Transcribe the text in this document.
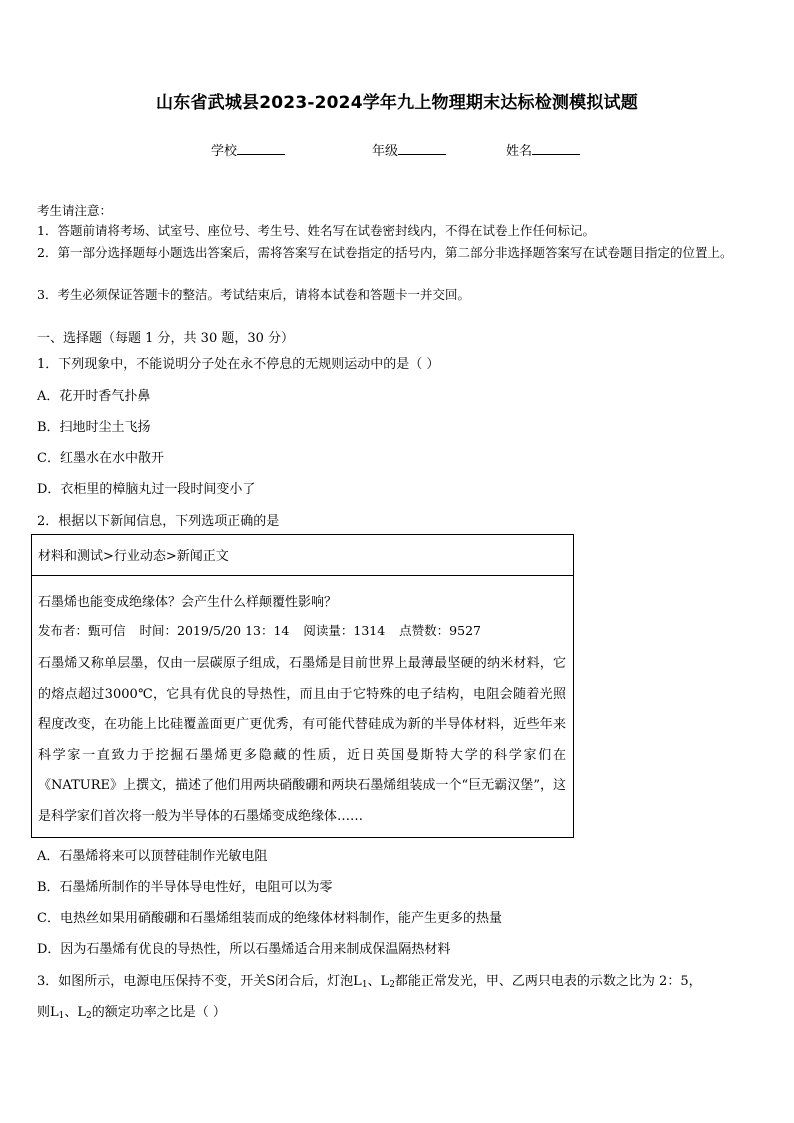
山东省武城县2023-2024学年九上物理期末达标检测模拟试题
学校	年级	姓名
考生请注意：
1．答题前请将考场、试室号、座位号、考生号、姓名写在试卷密封线内，不得在试卷上作任何标记。
2．第一部分选择题每小题选出答案后，需将答案写在试卷指定的括号内，第二部分非选择题答案写在试卷题目指定的位置上。
3．考生必须保证答题卡的整洁。考试结束后，请将本试卷和答题卡一并交回。
一、选择题（每题 1 分，共 30 题，30 分）
1．下列现象中，不能说明分子处在永不停息的无规则运动中的是（ ）
A．花开时香气扑鼻
B．扫地时尘土飞扬
C．红墨水在水中散开
D．衣柜里的樟脑丸过一段时间变小了
2．根据以下新闻信息，下列选项正确的是
材料和测试>行业动态>新闻正文
石墨烯也能变成绝缘体？会产生什么样颠覆性影响？
发布者：甄可信 时间：2019/5/20 13：14 阅读量：1314 点赞数：9527
石墨烯又称单层墨，仅由一层碳原子组成，石墨烯是目前世界上最薄最坚硬的纳米材料，它的熔点超过3000℃，它具有优良的导热性，而且由于它特殊的电子结构，电阻会随着光照程度改变，在功能上比硅覆盖面更广更优秀，有可能代替硅成为新的半导体材料，近些年来科学家一直致力于挖掘石墨烯更多隐藏的性质，近日英国曼斯特大学的科学家们在《NATURE》上撰文，描述了他们用两块硝酸硼和两块石墨烯组装成一个“巨无霸汉堡”，这是科学家们首次将一般为半导体的石墨烯变成绝缘体……
A．石墨烯将来可以顶替硅制作光敏电阻
B．石墨烯所制作的半导体导电性好，电阻可以为零
C．电热丝如果用硝酸硼和石墨烯组装而成的绝缘体材料制作，能产生更多的热量
D．因为石墨烯有优良的导热性，所以石墨烯适合用来制成保温隔热材料
3．如图所示，电源电压保持不变，开关S闭合后，灯泡$L_1$、$L_2$都能正常发光，甲、乙两只电表的示数之比为 2：5，
则$L_1$、$L_2$的额定功率之比是（ ）
